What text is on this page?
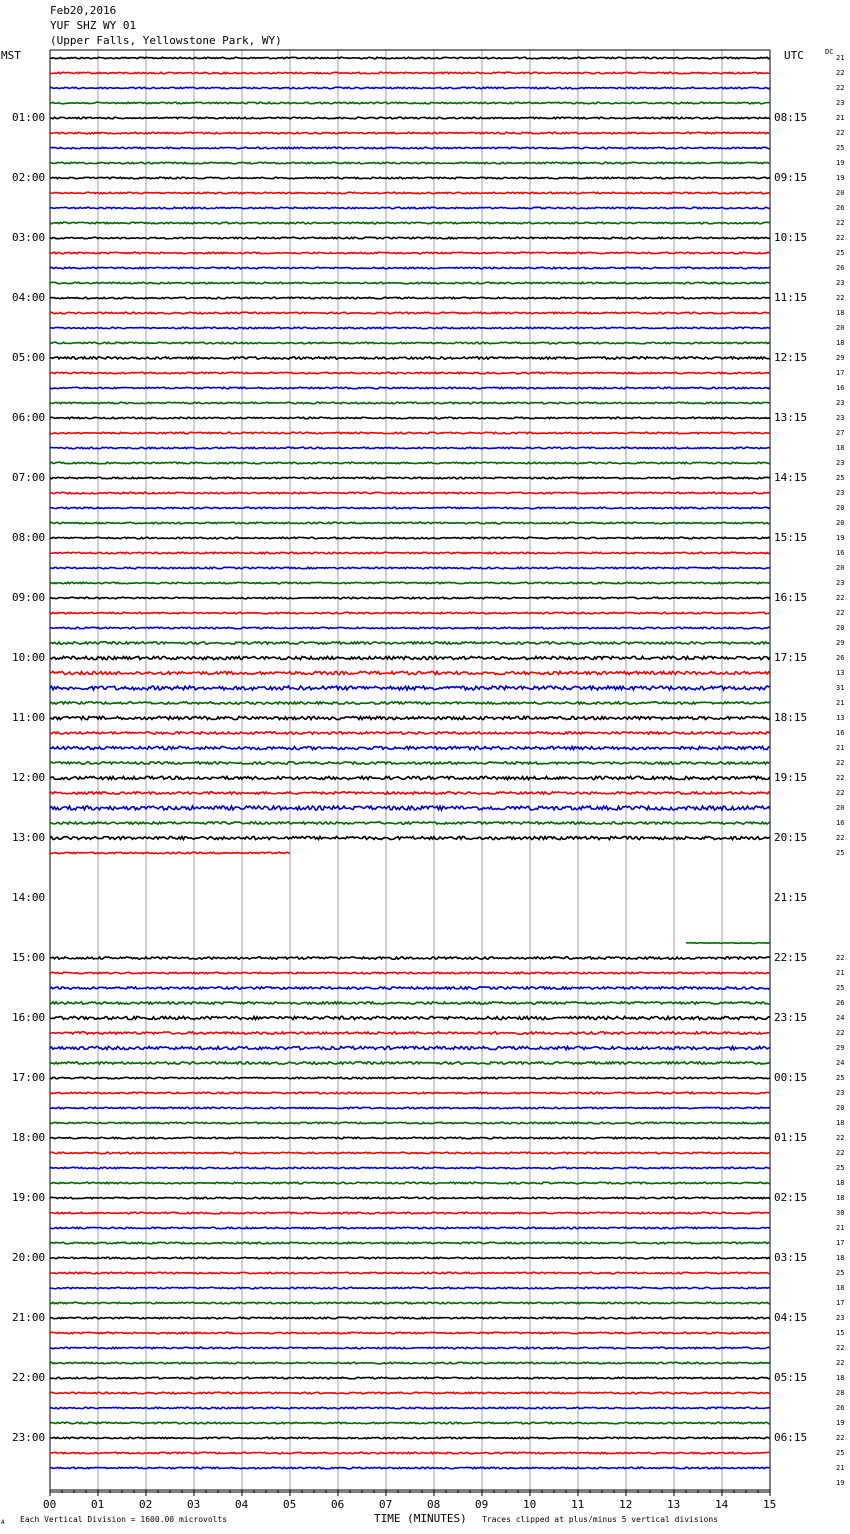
Feb20,2016
YUF SHZ WY 01
(Upper Falls, Yellowstone Park, WY)
MST	UTC	DC
01:00
02:00
03:00
04:00
05:00
06:00
07:00
08:00
09:00
10:00
11:00
12:00
13:00
14:00
15:00
16:00
17:00
18:00
19:00
20:00
21:00
22:00
23:00
08:15
09:15
10:15
11:15
12:15
13:15
14:15
15:15
16:15
17:15
18:15
19:15
20:15
21:15
22:15
23:15
00:15
01:15
02:15
03:15
04:15
05:15
06:15
21
22
22
23
21
22
25
19
19
20
26
22
22
25
26
23
22
18
20
18
29
17
16
23
23
27
18
23
25
23
20
20
19
16
20
23
22
22
20
29
26
13
31
21
13
16
21
22
22
22
20
16
22
25
22
21
25
26
24
22
29
24
25
23
20
18
22
22
25
18
18
30
21
17
18
25
18
17
23
15
22
22
18
28
26
19
22
25
21
19
00	01	02	03	04	05	06	07	08	09	10	11	12	13	14	15
A Each Vertical Division = 1600.00 microvolts	TIME (MINUTES) Traces clipped at plus/minus 5 vertical divisions
